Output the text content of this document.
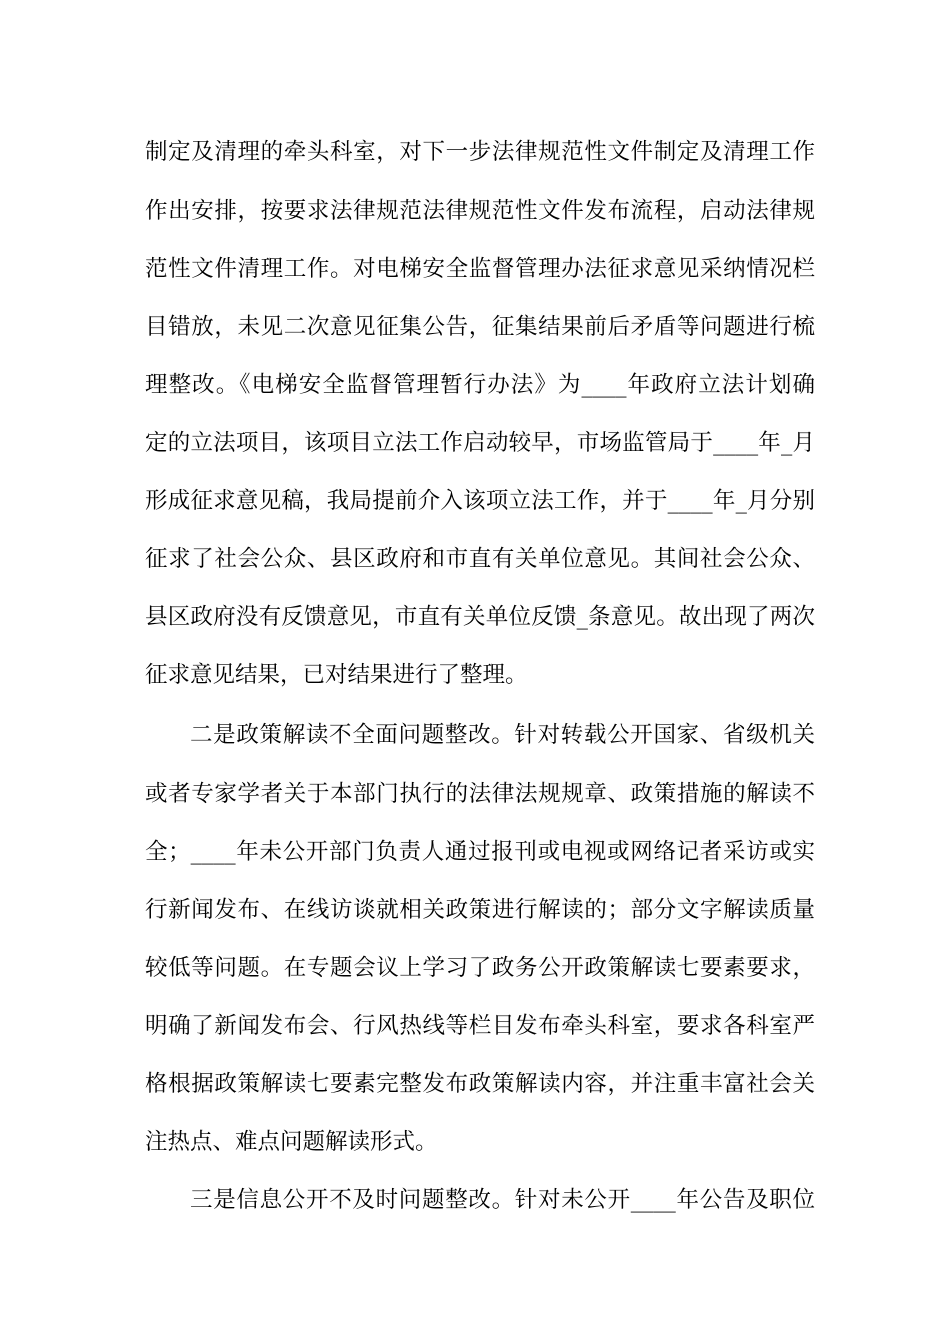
制定及清理的牵头科室，对下一步法律规范性文件制定及清理工作
作出安排，按要求法律规范法律规范性文件发布流程，启动法律规
范性文件清理工作。对电梯安全监督管理办法征求意见采纳情况栏
目错放，未见二次意见征集公告，征集结果前后矛盾等问题进行梳
理整改。《电梯安全监督管理暂行办法》为____年政府立法计划确
定的立法项目，该项目立法工作启动较早，市场监管局于____年_月
形成征求意见稿，我局提前介入该项立法工作，并于____年_月分别
征求了社会公众、县区政府和市直有关单位意见。其间社会公众、
县区政府没有反馈意见，市直有关单位反馈_条意见。故出现了两次
征求意见结果，已对结果进行了整理。
二是政策解读不全面问题整改。针对转载公开国家、省级机关
或者专家学者关于本部门执行的法律法规规章、政策措施的解读不
全；____年未公开部门负责人通过报刊或电视或网络记者采访或实
行新闻发布、在线访谈就相关政策进行解读的；部分文字解读质量
较低等问题。在专题会议上学习了政务公开政策解读七要素要求，
明确了新闻发布会、行风热线等栏目发布牵头科室，要求各科室严
格根据政策解读七要素完整发布政策解读内容，并注重丰富社会关
注热点、难点问题解读形式。
三是信息公开不及时问题整改。针对未公开____年公告及职位
